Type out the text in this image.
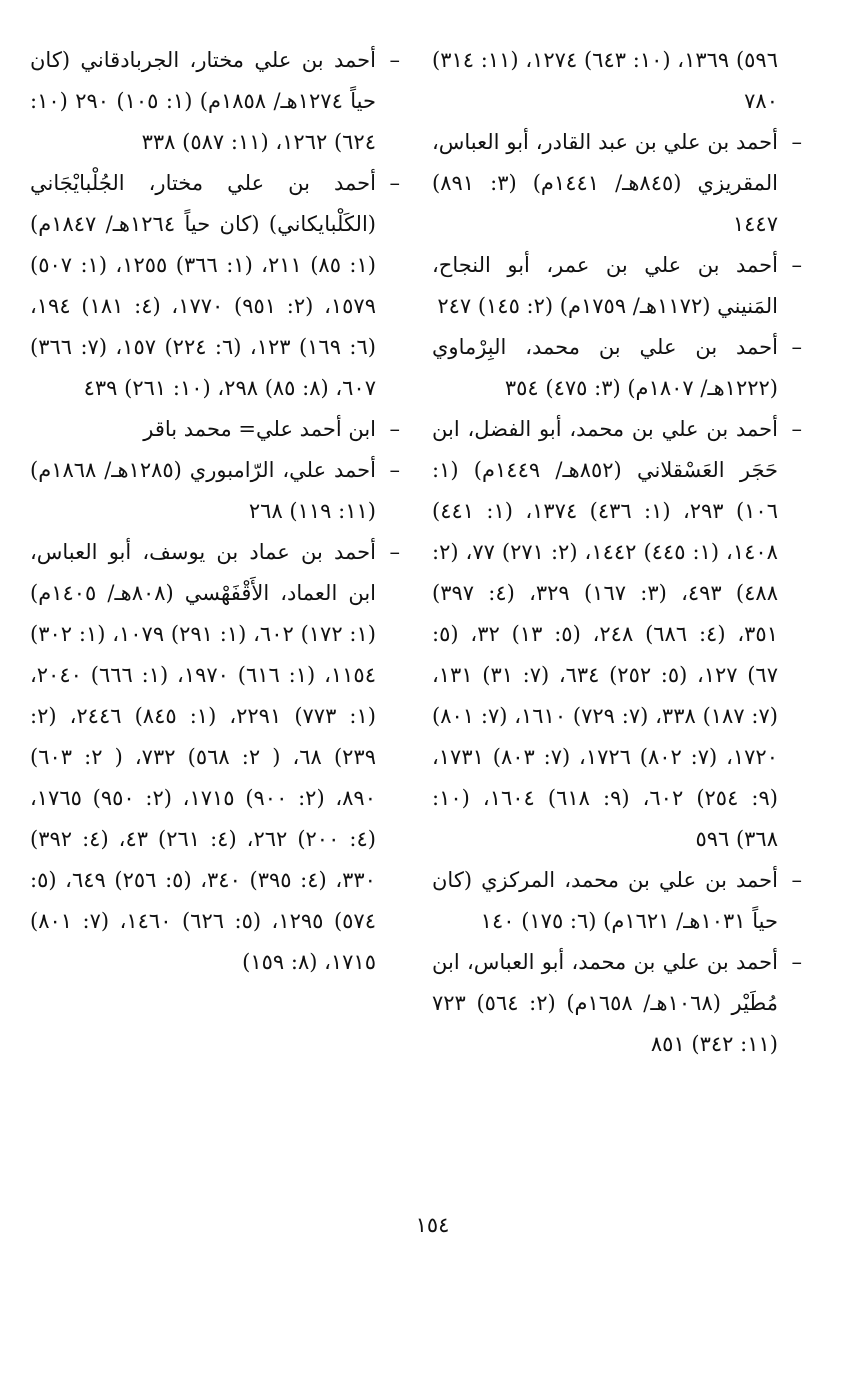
٥٩٦) ١٣٦٩، (١٠: ٦٤٣) ١٢٧٤، (١١: ٣١٤) ٧٨٠

–
أحمد بن علي بن عبد القادر، أبو العباس، المقريزي (٨٤٥هـ/ ١٤٤١م) (٣: ٨٩١) ١٤٤٧

–
أحمد بن علي بن عمر، أبو النجاح، المَنيني (١١٧٢هـ/ ١٧٥٩م) (٢: ١٤٥) ٢٤٧

–
أحمد بن علي بن محمد، البِرْماوي (١٢٢٢هـ/ ١٨٠٧م) (٣: ٤٧٥) ٣٥٤

–
أحمد بن علي بن محمد، أبو الفضل، ابن حَجَر العَسْقلاني (٨٥٢هـ/ ١٤٤٩م) (١: ١٠٦) ٢٩٣، (١: ٤٣٦) ١٣٧٤، (١: ٤٤١) ١٤٠٨، (١: ٤٤٥) ١٤٤٢، (٢: ٢٧١) ٧٧، (٢: ٤٨٨) ٤٩٣، (٣: ١٦٧) ٣٢٩، (٤: ٣٩٧) ٣٥١، (٤: ٦٨٦) ٢٤٨، (٥: ١٣) ٣٢، (٥: ٦٧) ١٢٧، (٥: ٢٥٢) ٦٣٤، (٧: ٣١) ١٣١، (٧: ١٨٧) ٣٣٨، (٧: ٧٢٩) ١٦١٠، (٧: ٨٠١) ١٧٢٠، (٧: ٨٠٢) ١٧٢٦، (٧: ٨٠٣) ١٧٣١، (٩: ٢٥٤) ٦٠٢، (٩: ٦١٨) ١٦٠٤، (١٠: ٣٦٨) ٥٩٦

–
أحمد بن علي بن محمد، المركزي (كان حياً ١٠٣١هـ/ ١٦٢١م) (٦: ١٧٥) ١٤٠

–
أحمد بن علي بن محمد، أبو العباس، ابن مُطَيْر (١٠٦٨هـ/ ١٦٥٨م) (٢: ٥٦٤) ٧٢٣ (١١: ٣٤٢) ٨٥١

–
أحمد بن علي مختار، الجربادقاني (كان حياً ١٢٧٤هـ/ ١٨٥٨م) (١: ١٠٥) ٢٩٠ (١٠: ٦٢٤) ١٢٦٢، (١١: ٥٨٧) ٣٣٨

–
أحمد بن علي مختار، الجُلْبايْجَاني (الكَلْبايكاني) (كان حياً ١٢٦٤هـ/ ١٨٤٧م) (١: ٨٥) ٢١١، (١: ٣٦٦) ١٢٥٥، (١: ٥٠٧) ١٥٧٩، (٢: ٩٥١) ١٧٧٠، (٤: ١٨١) ١٩٤، (٦: ١٦٩) ١٢٣، (٦: ٢٢٤) ١٥٧، (٧: ٣٦٦) ٦٠٧، (٨: ٨٥) ٢٩٨، (١٠: ٢٦١) ٤٣٩

–
ابن أحمد علي= محمد باقر

–
أحمد علي، الرّامبوري (١٢٨٥هـ/ ١٨٦٨م) (١١: ١١٩) ٢٦٨

–
أحمد بن عماد بن يوسف، أبو العباس، ابن العماد، الأَقْفَهْسي (٨٠٨هـ/ ١٤٠٥م) (١: ١٧٢) ٦٠٢، (١: ٢٩١) ١٠٧٩، (١: ٣٠٢) ١١٥٤، (١: ٦١٦) ١٩٧٠، (١: ٦٦٦) ٢٠٤٠، (١: ٧٧٣) ٢٢٩١، (١: ٨٤٥) ٢٤٤٦، (٢: ٢٣٩) ٦٨، ( ٢: ٥٦٨) ٧٣٢، ( ٢: ٦٠٣) ٨٩٠، (٢: ٩٠٠) ١٧١٥، (٢: ٩٥٠) ١٧٦٥، (٤: ٢٠٠) ٢٦٢، (٤: ٢٦١) ٤٣، (٤: ٣٩٢) ٣٣٠، (٤: ٣٩٥) ٣٤٠، (٥: ٢٥٦) ٦٤٩، (٥: ٥٧٤) ١٢٩٥، (٥: ٦٢٦) ١٤٦٠، (٧: ٨٠١) ١٧١٥، (٨: ١٥٩)

١٥٤
